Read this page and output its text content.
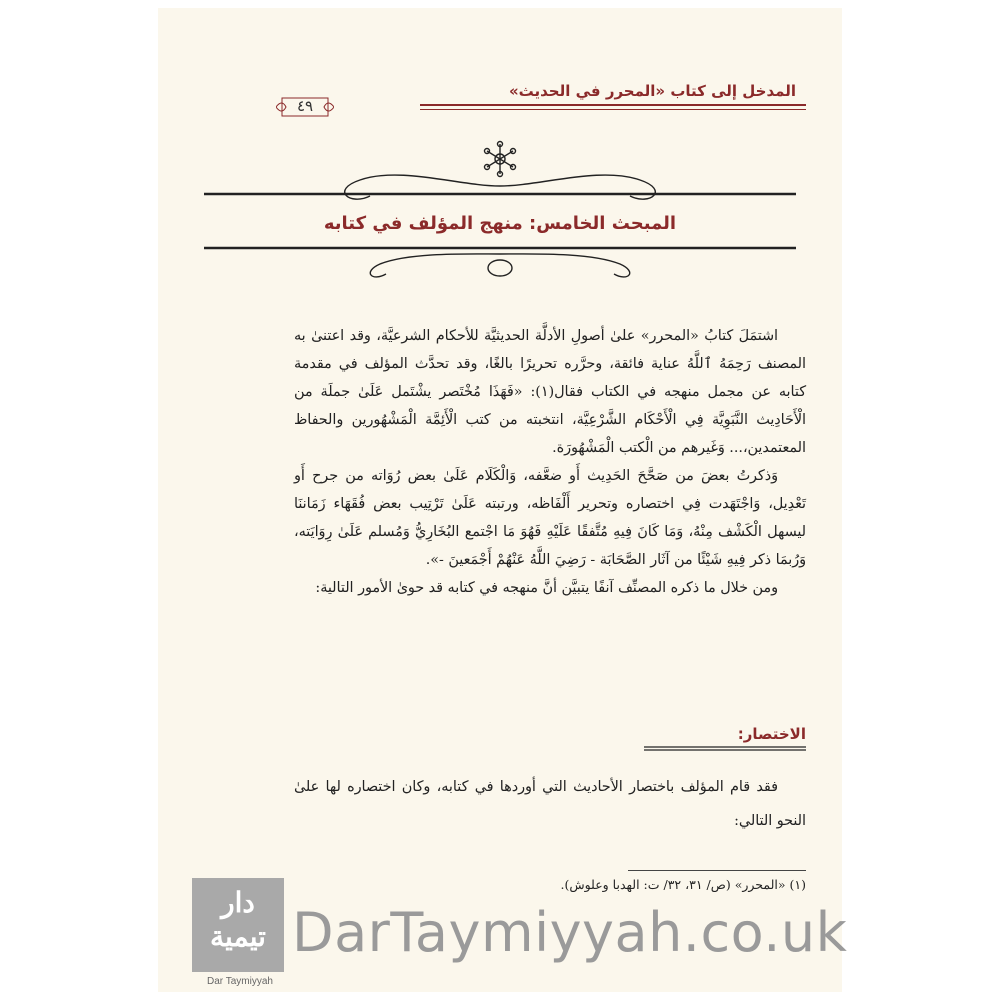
المدخل إلى كتاب «المحرر في الحديث»
٤٩
المبحث الخامس: منهج المؤلف في كتابه

اشتمَلَ كتابُ «المحرر» علىٰ أصولِ الأدلَّة الحديثيَّة للأحكام الشرعيَّة، وقد اعتنىٰ به المصنف رَحِمَهُ ٱللَّهُ عناية فائقة، وحرَّره تحريرًا بالغًا، وقد تحدَّث المؤلف في مقدمة كتابه عن مجمل منهجه في الكتاب فقال(١): «فَهَذَا مُخْتَصر يشْتَمل عَلَىٰ جملَة من الْأَحَادِيث النَّبَوِيَّة فِي الْأَحْكَام الشَّرْعِيَّة، انتخبته من كتب الْأَئِمَّة الْمَشْهُورين والحفاظ المعتمدين،... وَغَيرهم من الْكتب الْمَشْهُورَة.

وَذكرتُ بعضَ من صَحَّحَ الحَدِيث أَو ضعَّفه، وَالْكَلَام عَلَىٰ بعض رُوَاته من جرح أَو تَعْدِيل، وَاجْتَهَدت فِي اختصاره وتحرير أَلْفَاظه، ورتبته عَلَىٰ تَرْتِيب بعض فُقَهَاء زَمَاننَا ليسهل الْكَشْف مِنْهُ، وَمَا كَانَ فِيهِ مُتَّفقًا عَلَيْهِ فَهُوَ مَا اجْتمع البُخَارِيُّ وَمُسلم عَلَىٰ رِوَايَته، وَرُبمَا ذكر فِيهِ شَيْئًا من آثَار الصَّحَابَة - رَضِيَ اللَّهُ عَنْهُمْ أَجْمَعينَ -».

ومن خلال ما ذكره المصنِّف آنفًا يتبيَّن أنَّ منهجه في كتابه قد حوىٰ الأمور التالية:

الاختصار:

فقد قام المؤلف باختصار الأحاديث التي أوردها في كتابه، وكان اختصاره لها علىٰ النحو التالي:

(١) «المحرر» (ص/ ٣١، ٣٢/ ت: الهدبا وعلوش).
دار تيمية
Dar Taymiyyah
DarTaymiyyah.co.uk
